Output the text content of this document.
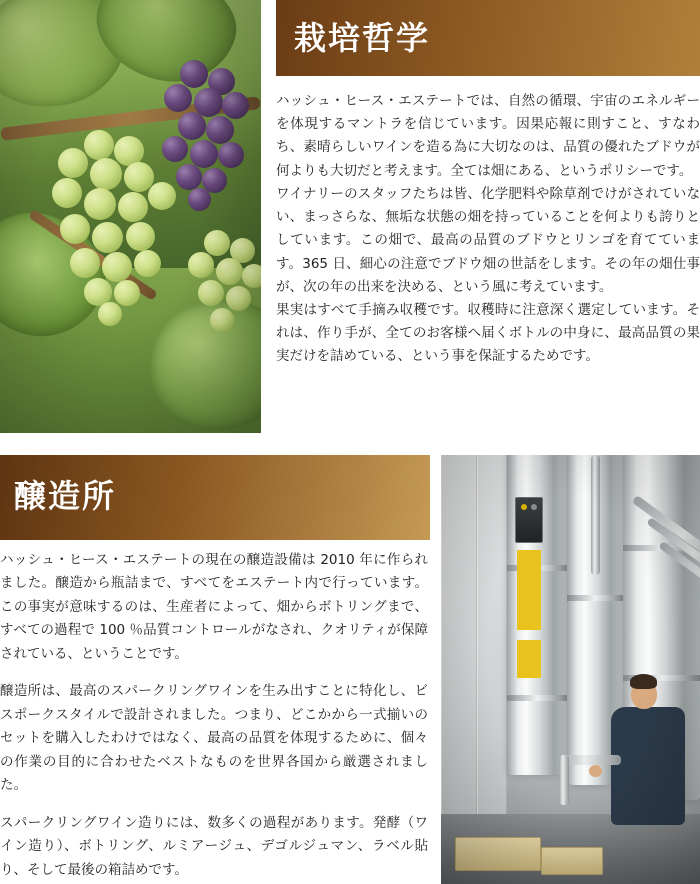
栽培哲学

ハッシュ・ヒース・エステートでは、自然の循環、宇宙のエネルギーを体現するマントラを信じています。因果応報に則すこと、すなわち、素晴らしいワインを造る為に大切なのは、品質の優れたブドウが何よりも大切だと考えます。全ては畑にある、というポリシーです。

ワイナリーのスタッフたちは皆、化学肥料や除草剤でけがされていない、まっさらな、無垢な状態の畑を持っていることを何よりも誇りとしています。この畑で、最高の品質のブドウとリンゴを育てています。365 日、細心の注意でブドウ畑の世話をします。その年の畑仕事が、次の年の出来を決める、という風に考えています。

果実はすべて手摘み収穫です。収穫時に注意深く選定しています。それは、作り手が、全てのお客様へ届くボトルの中身に、最高品質の果実だけを詰めている、という事を保証するためです。

醸造所

ハッシュ・ヒース・エステートの現在の醸造設備は 2010 年に作られました。醸造から瓶詰まで、すべてをエステート内で行っています。この事実が意味するのは、生産者によって、畑からボトリングまで、すべての過程で 100 ％品質コントロールがなされ、クオリティが保障されている、ということです。

醸造所は、最高のスパークリングワインを生み出すことに特化し、ビスポークスタイルで設計されました。つまり、どこかから一式揃いのセットを購入したわけではなく、最高の品質を体現するために、個々の作業の目的に合わせたベストなものを世界各国から厳選されました。

スパークリングワイン造りには、数多くの過程があります。発酵（ワイン造り）、ボトリング、ルミアージュ、デゴルジュマン、ラベル貼り、そして最後の箱詰めです。
